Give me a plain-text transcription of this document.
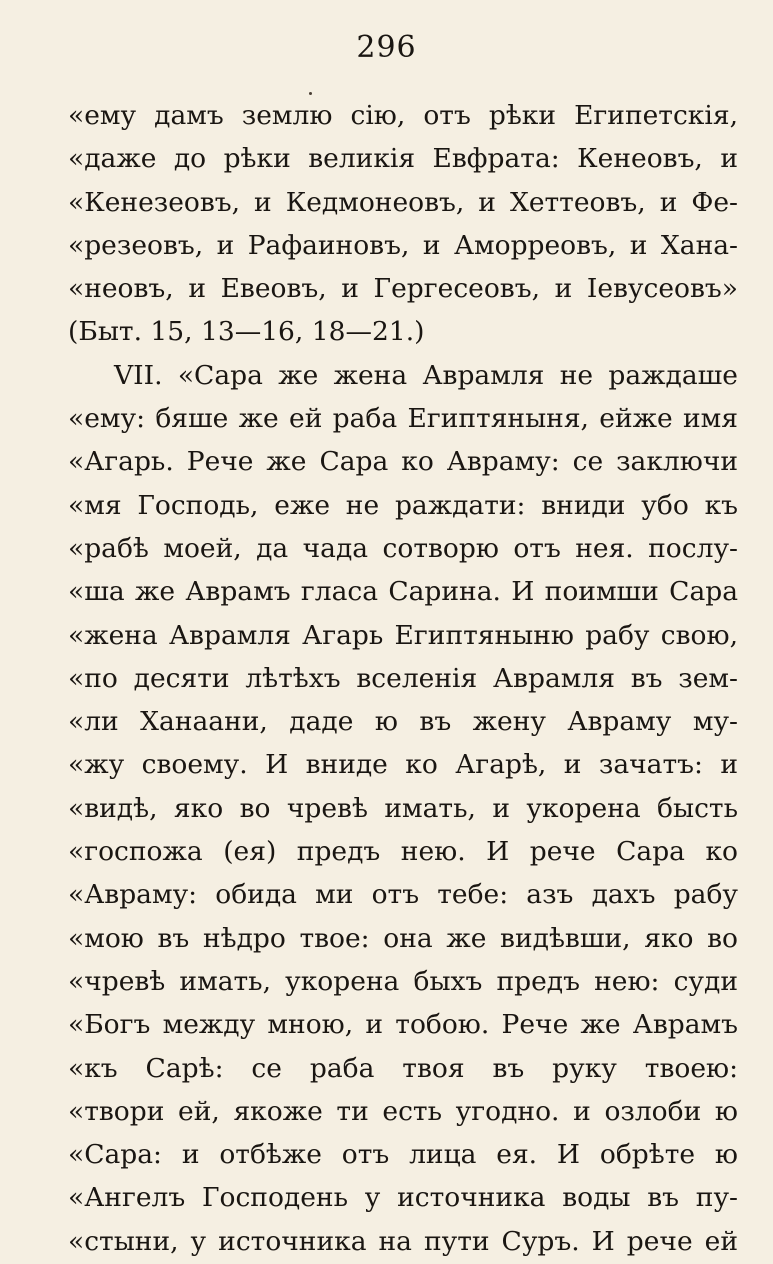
296
«ему дамъ землю сію, отъ рѣки Египетскія,
«даже до рѣки великія Евфрата: Кенеовъ, и
«Кенезеовъ, и Кедмонеовъ, и Хеттеовъ, и Фе-
«резеовъ, и Рафаиновъ, и Аморреовъ, и Хана-
«неовъ, и Евеовъ, и Гергесеовъ, и Іевусеовъ»
(Быт. 15, 13—16, 18—21.)
VII. «Сара же жена Аврамля не раждаше
«ему: бяше же ей раба Египтяныня, ейже имя
«Агарь. Рече же Сара ко Авраму: се заключи
«мя Господь, еже не раждати: вниди убо къ
«рабѣ моей, да чада сотворю отъ нея. послу-
«ша же Аврамъ гласа Сарина. И поимши Сара
«жена Аврамля Агарь Египтяныню рабу свою,
«по десяти лѣтѣхъ вселенія Аврамля въ зем-
«ли Ханаани, даде ю въ жену Авраму му-
«жу своему. И вниде ко Агарѣ, и зачатъ: и
«видѣ, яко во чревѣ имать, и укорена бысть
«госпожа (ея) предъ нею. И рече Сара ко
«Авраму: обида ми отъ тебе: азъ дахъ рабу
«мою въ нѣдро твое: она же видѣвши, яко во
«чревѣ имать, укорена быхъ предъ нею: суди
«Богъ между мною, и тобою. Рече же Аврамъ
«къ Сарѣ: се раба твоя въ руку твоею:
«твори ей, якоже ти есть угодно. и озлоби ю
«Сара: и отбѣже отъ лица ея. И обрѣте ю
«Ангелъ Господень у источника воды въ пу-
«стыни, у источника на пути Суръ. И рече ей
